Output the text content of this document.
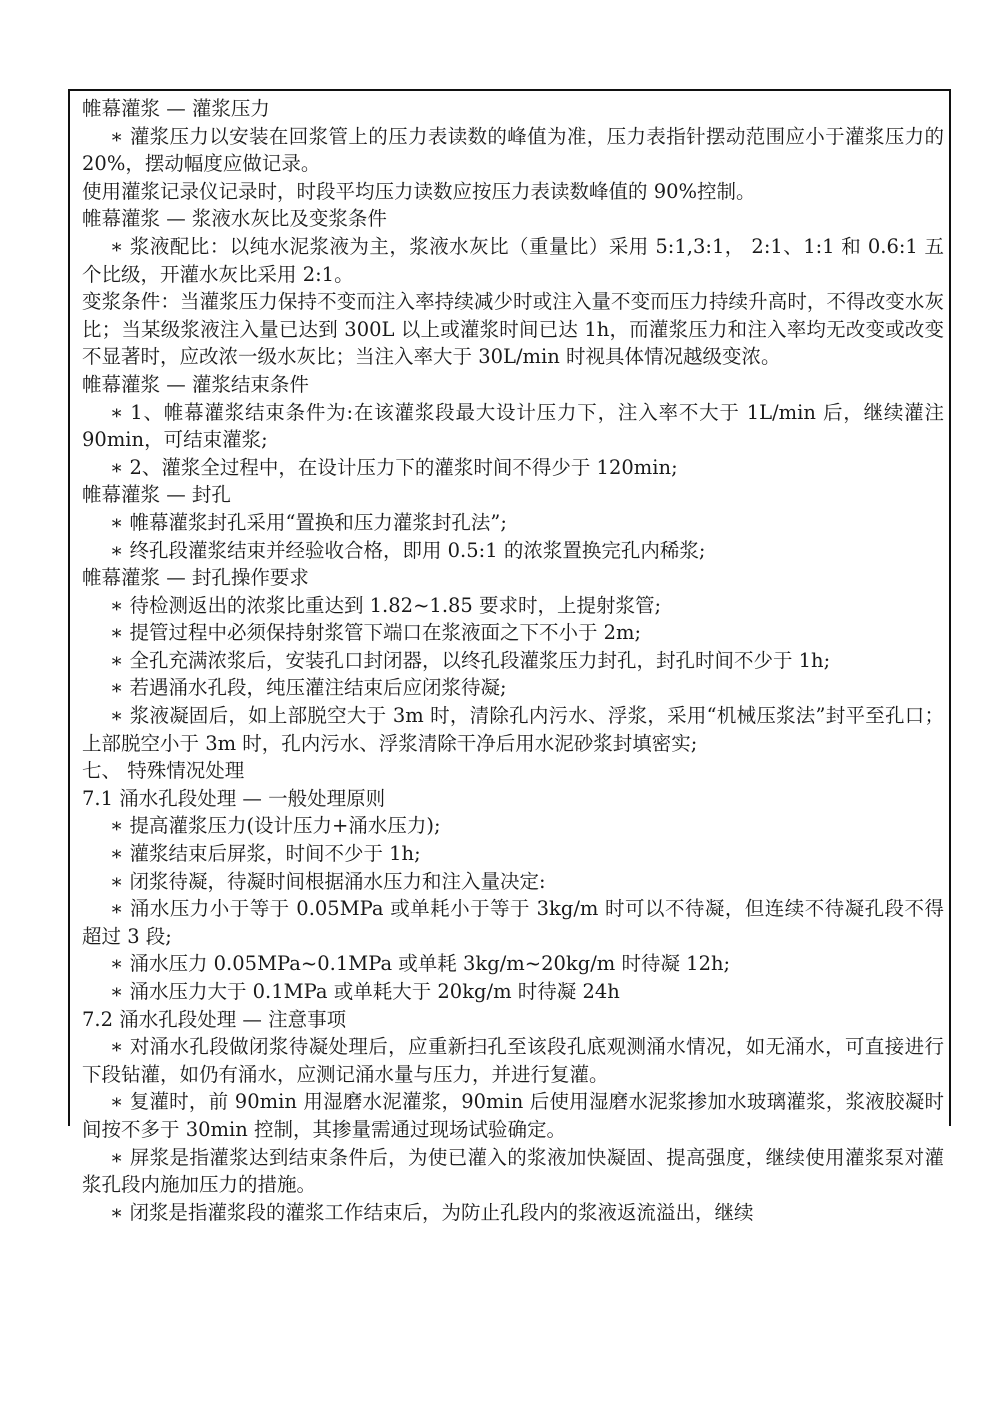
帷幕灌浆 — 灌浆压力

∗ 灌浆压力以安装在回浆管上的压力表读数的峰值为准，压力表指针摆动范围应小于灌浆压力的 20%，摆动幅度应做记录。

使用灌浆记录仪记录时，时段平均压力读数应按压力表读数峰值的 90%控制。

帷幕灌浆 — 浆液水灰比及变浆条件

∗ 浆液配比：以纯水泥浆液为主，浆液水灰比（重量比）采用 5:1,3:1， 2:1、1:1 和 0.6:1 五个比级，开灌水灰比采用 2:1。

变浆条件：当灌浆压力保持不变而注入率持续减少时或注入量不变而压力持续升高时，不得改变水灰比；当某级浆液注入量已达到 300L 以上或灌浆时间已达 1h，而灌浆压力和注入率均无改变或改变不显著时，应改浓一级水灰比；当注入率大于 30L/min 时视具体情况越级变浓。

帷幕灌浆 — 灌浆结束条件

∗ 1、帷幕灌浆结束条件为:在该灌浆段最大设计压力下，注入率不大于 1L/min 后，继续灌注 90min，可结束灌浆;

∗ 2、灌浆全过程中，在设计压力下的灌浆时间不得少于 120min;

帷幕灌浆 — 封孔

∗ 帷幕灌浆封孔采用“置换和压力灌浆封孔法”;

∗ 终孔段灌浆结束并经验收合格，即用 0.5:1 的浓浆置换完孔内稀浆;

帷幕灌浆 — 封孔操作要求

∗ 待检测返出的浓浆比重达到 1.82~1.85 要求时，上提射浆管;

∗ 提管过程中必须保持射浆管下端口在浆液面之下不小于 2m;

∗ 全孔充满浓浆后，安装孔口封闭器，以终孔段灌浆压力封孔，封孔时间不少于 1h;

∗ 若遇涌水孔段，纯压灌注结束后应闭浆待凝;

∗ 浆液凝固后，如上部脱空大于 3m 时，清除孔内污水、浮浆，采用“机械压浆法”封平至孔口；上部脱空小于 3m 时，孔内污水、浮浆清除干净后用水泥砂浆封填密实;

七、 特殊情况处理

7.1 涌水孔段处理 — 一般处理原则

∗ 提高灌浆压力(设计压力+涌水压力);

∗ 灌浆结束后屏浆，时间不少于 1h;

∗ 闭浆待凝，待凝时间根据涌水压力和注入量决定:

∗ 涌水压力小于等于 0.05MPa 或单耗小于等于 3kg/m 时可以不待凝，但连续不待凝孔段不得超过 3 段;

∗ 涌水压力 0.05MPa~0.1MPa 或单耗 3kg/m~20kg/m 时待凝 12h;

∗ 涌水压力大于 0.1MPa 或单耗大于 20kg/m 时待凝 24h

7.2 涌水孔段处理 — 注意事项

∗ 对涌水孔段做闭浆待凝处理后，应重新扫孔至该段孔底观测涌水情况，如无涌水，可直接进行下段钻灌，如仍有涌水，应测记涌水量与压力，并进行复灌。

∗ 复灌时，前 90min 用湿磨水泥灌浆，90min 后使用湿磨水泥浆掺加水玻璃灌浆，浆液胶凝时间按不多于 30min 控制，其掺量需通过现场试验确定。

∗ 屏浆是指灌浆达到结束条件后，为使已灌入的浆液加快凝固、提高强度，继续使用灌浆泵对灌浆孔段内施加压力的措施。

∗ 闭浆是指灌浆段的灌浆工作结束后，为防止孔段内的浆液返流溢出，继续
